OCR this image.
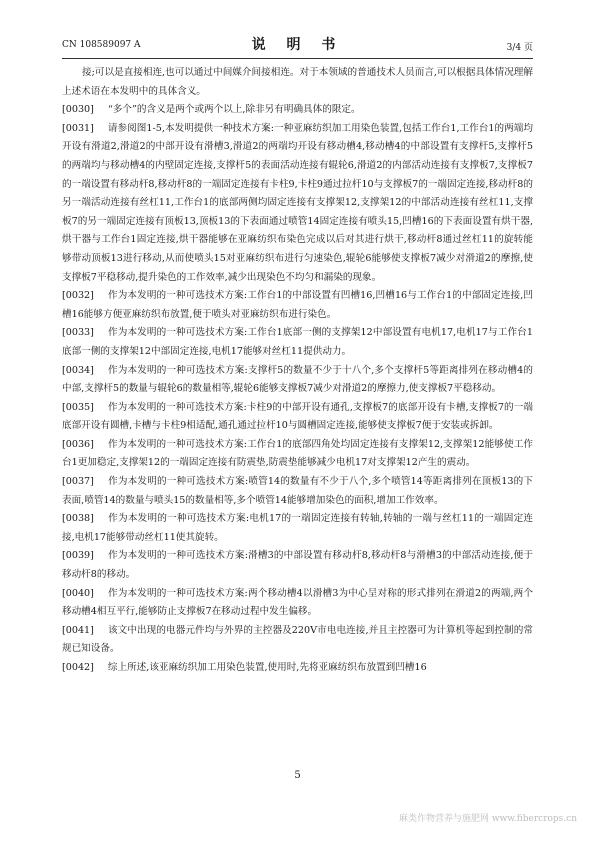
CN 108589097 A	说 明 书	3/4 页

接;可以是直接相连,也可以通过中间媒介间接相连。对于本领域的普通技术人员而言,可以根据具体情况理解上述术语在本发明中的具体含义。

[0030] “多个”的含义是两个或两个以上,除非另有明确具体的限定。

[0031] 请参阅图1-5,本发明提供一种技术方案:一种亚麻纺织加工用染色装置,包括工作台1,工作台1的两端均开设有滑道2,滑道2的中部开设有滑槽3,滑道2的两端均开设有移动槽4,移动槽4的中部设置有支撑杆5,支撑杆5的两端均与移动槽4的内壁固定连接,支撑杆5的表面活动连接有辊轮6,滑道2的内部活动连接有支撑板7,支撑板7的一端设置有移动杆8,移动杆8的一端固定连接有卡柱9,卡柱9通过拉杆10与支撑板7的一端固定连接,移动杆8的另一端活动连接有丝杠11,工作台1的底部两侧均固定连接有支撑架12,支撑架12的中部活动连接有丝杠11,支撑板7的另一端固定连接有顶板13,顶板13的下表面通过喷管14固定连接有喷头15,凹槽16的下表面设置有烘干器,烘干器与工作台1固定连接,烘干器能够在亚麻纺织布染色完成以后对其进行烘干,移动杆8通过丝杠11的旋转能够带动顶板13进行移动,从而使喷头15对亚麻纺织布进行匀速染色,辊轮6能够使支撑板7减少对滑道2的摩擦,使支撑板7平稳移动,提升染色的工作效率,减少出现染色不均匀和漏染的现象。

[0032] 作为本发明的一种可选技术方案:工作台1的中部设置有凹槽16,凹槽16与工作台1的中部固定连接,凹槽16能够方便亚麻纺织布放置,便于喷头对亚麻纺织布进行染色。

[0033] 作为本发明的一种可选技术方案:工作台1底部一侧的支撑架12中部设置有电机17,电机17与工作台1底部一侧的支撑架12中部固定连接,电机17能够对丝杠11提供动力。

[0034] 作为本发明的一种可选技术方案:支撑杆5的数量不少于十八个,多个支撑杆5等距离排列在移动槽4的中部,支撑杆5的数量与辊轮6的数量相等,辊轮6能够支撑板7减少对滑道2的摩擦力,使支撑板7平稳移动。

[0035] 作为本发明的一种可选技术方案:卡柱9的中部开设有通孔,支撑板7的底部开设有卡槽,支撑板7的一端底部开设有圆槽,卡槽与卡柱9相适配,通孔通过拉杆10与圆槽固定连接,能够使支撑板7便于安装或拆卸。

[0036] 作为本发明的一种可选技术方案:工作台1的底部四角处均固定连接有支撑架12,支撑架12能够使工作台1更加稳定,支撑架12的一端固定连接有防震垫,防震垫能够减少电机17对支撑架12产生的震动。

[0037] 作为本发明的一种可选技术方案:喷管14的数量有不少于八个,多个喷管14等距离排列在顶板13的下表面,喷管14的数量与喷头15的数量相等,多个喷管14能够增加染色的面积,增加工作效率。

[0038] 作为本发明的一种可选技术方案:电机17的一端固定连接有转轴,转轴的一端与丝杠11的一端固定连接,电机17能够带动丝杠11使其旋转。

[0039] 作为本发明的一种可选技术方案:滑槽3的中部设置有移动杆8,移动杆8与滑槽3的中部活动连接,便于移动杆8的移动。

[0040] 作为本发明的一种可选技术方案:两个移动槽4以滑槽3为中心呈对称的形式排列在滑道2的两端,两个移动槽4相互平行,能够防止支撑板7在移动过程中发生偏移。

[0041] 该文中出现的电器元件均与外界的主控器及220V市电电连接,并且主控器可为计算机等起到控制的常规已知设备。

[0042] 综上所述,该亚麻纺织加工用染色装置,使用时,先将亚麻纺织布放置到凹槽16

5
麻类作物营养与施肥网 www.fibercrops.cn
